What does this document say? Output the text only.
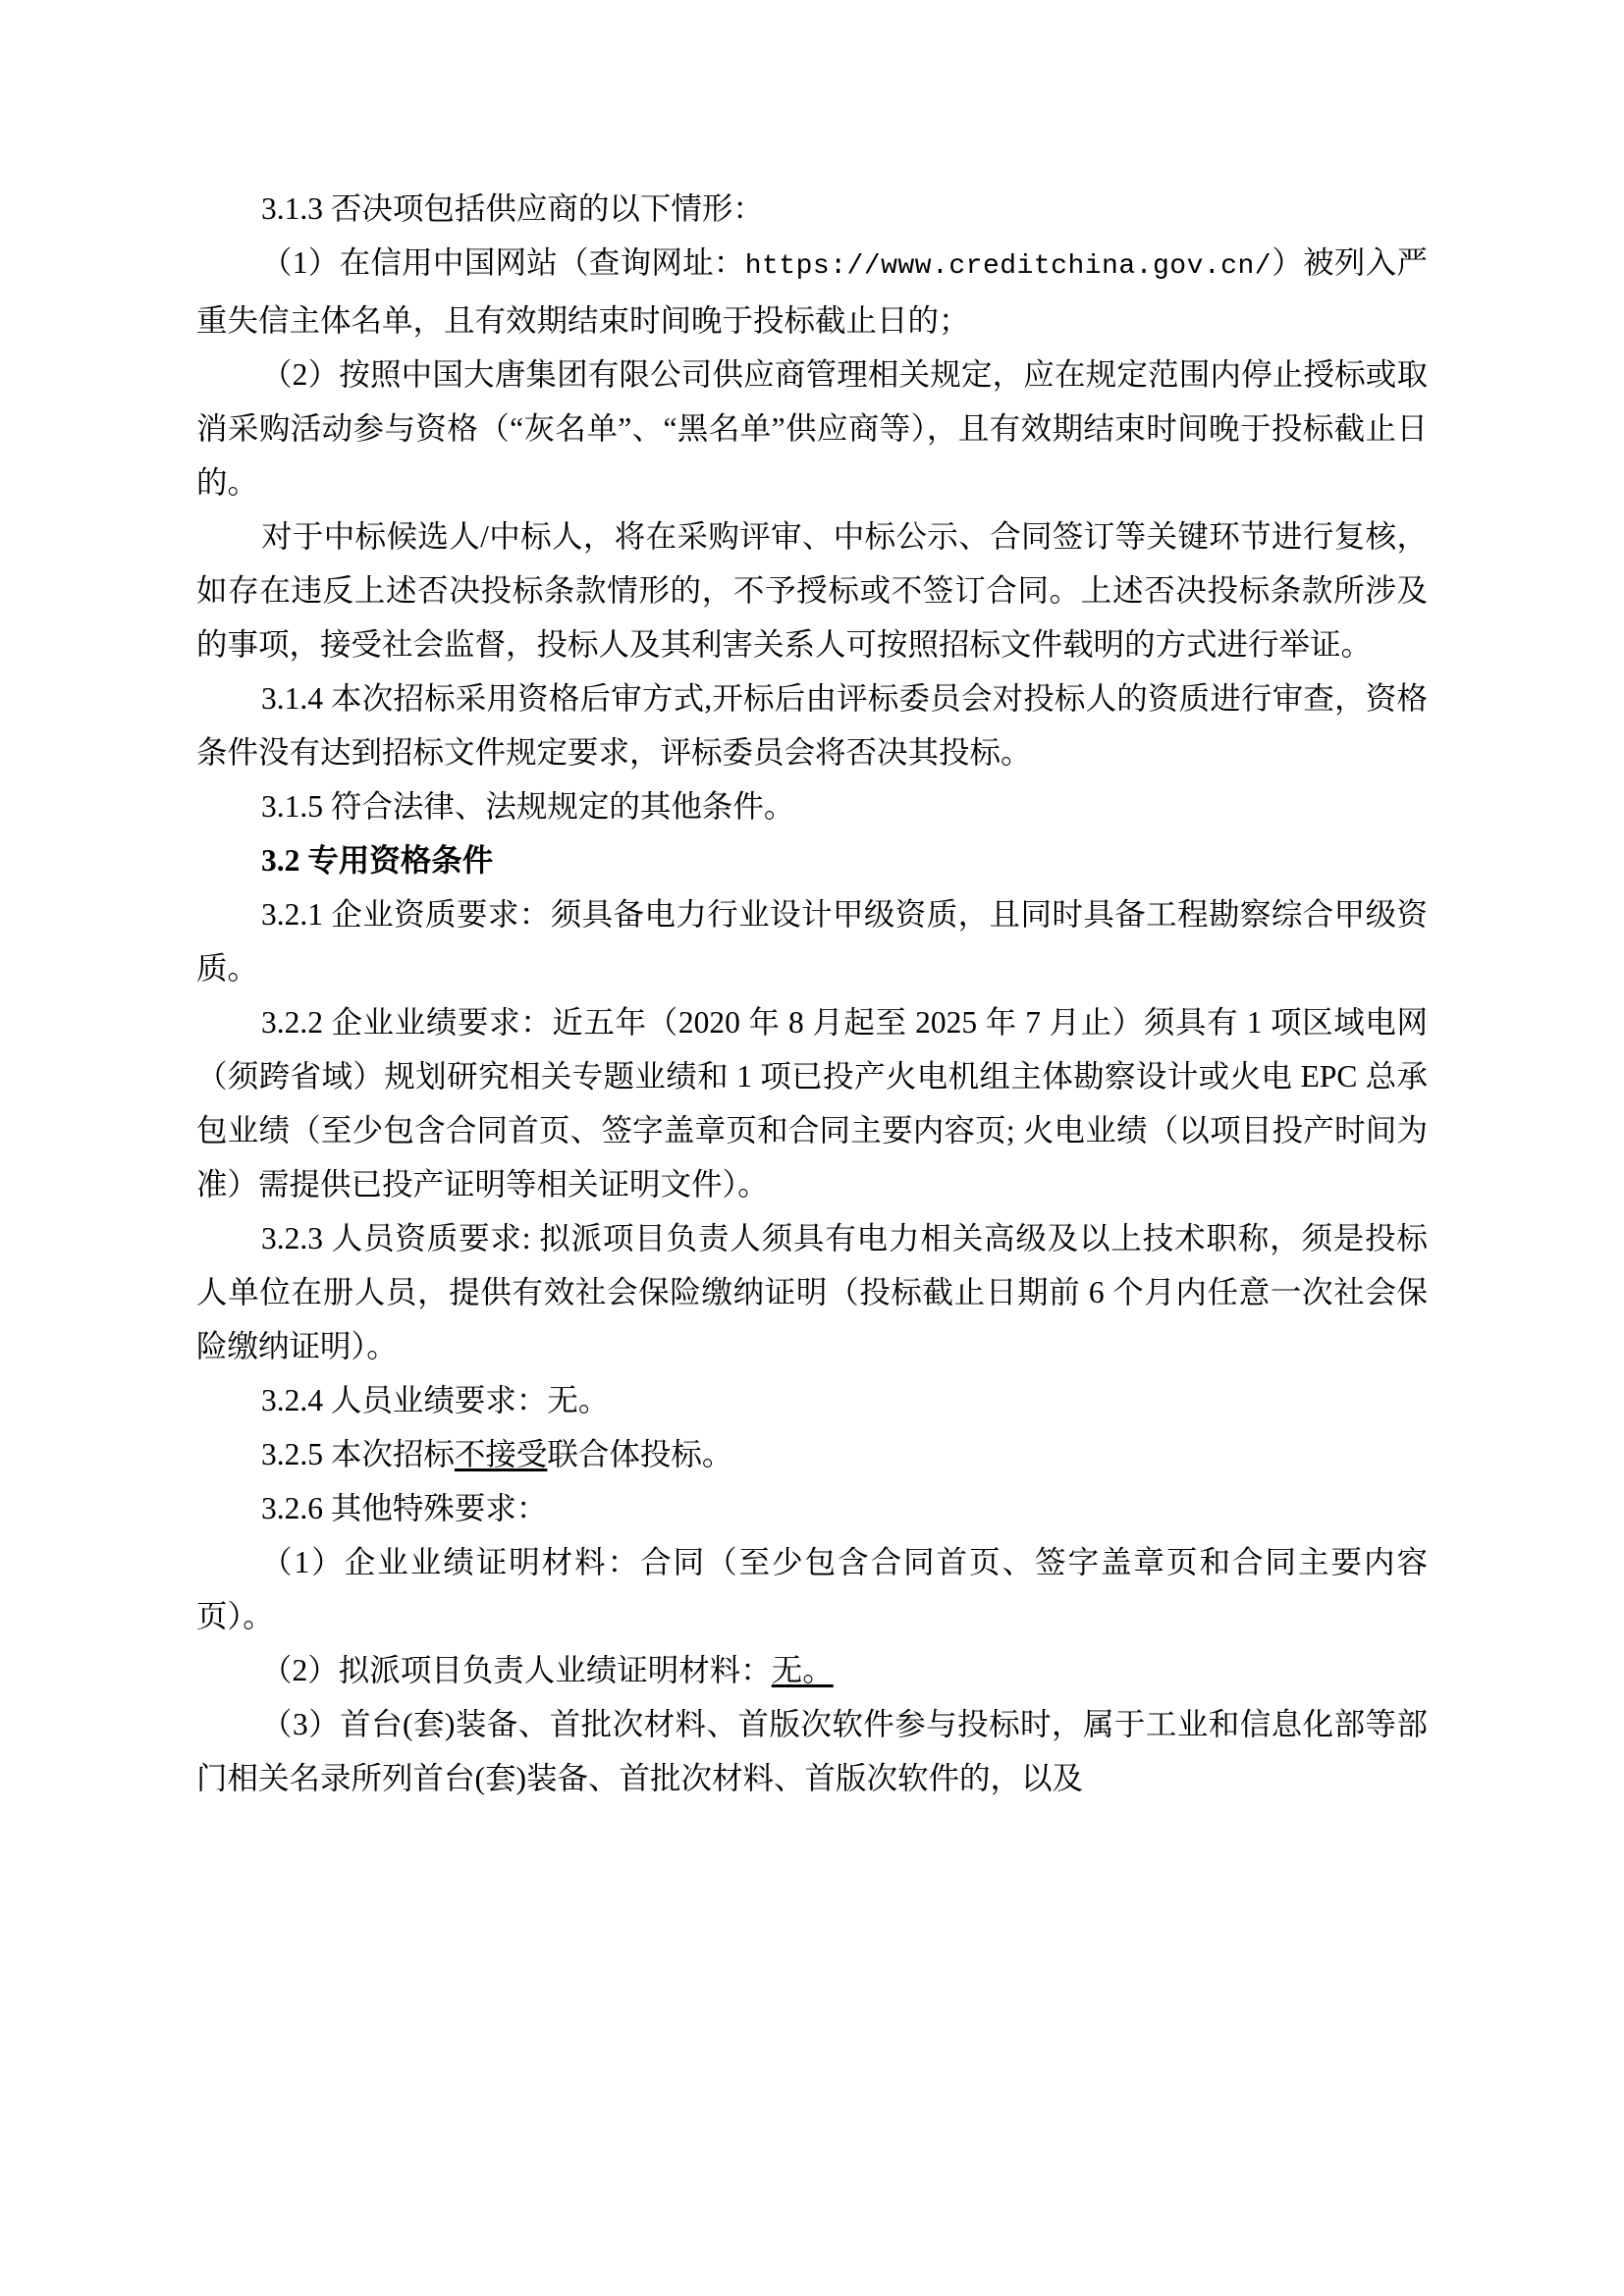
3.1.3 否决项包括供应商的以下情形：

（1）在信用中国网站（查询网址：https://www.creditchina.gov.cn/）被列入严重失信主体名单，且有效期结束时间晚于投标截止日的；

（2）按照中国大唐集团有限公司供应商管理相关规定，应在规定范围内停止授标或取消采购活动参与资格（“灰名单”、“黑名单”供应商等），且有效期结束时间晚于投标截止日的。

对于中标候选人/中标人，将在采购评审、中标公示、合同签订等关键环节进行复核，如存在违反上述否决投标条款情形的，不予授标或不签订合同。上述否决投标条款所涉及的事项，接受社会监督，投标人及其利害关系人可按照招标文件载明的方式进行举证。

3.1.4 本次招标采用资格后审方式,开标后由评标委员会对投标人的资质进行审查，资格条件没有达到招标文件规定要求，评标委员会将否决其投标。

3.1.5 符合法律、法规规定的其他条件。

3.2 专用资格条件

3.2.1 企业资质要求：须具备电力行业设计甲级资质，且同时具备工程勘察综合甲级资质。

3.2.2 企业业绩要求：近五年（2020 年 8 月起至 2025 年 7 月止）须具有 1 项区域电网（须跨省域）规划研究相关专题业绩和 1 项已投产火电机组主体勘察设计或火电 EPC 总承包业绩（至少包含合同首页、签字盖章页和合同主要内容页; 火电业绩（以项目投产时间为准）需提供已投产证明等相关证明文件）。

3.2.3 人员资质要求: 拟派项目负责人须具有电力相关高级及以上技术职称，须是投标人单位在册人员，提供有效社会保险缴纳证明（投标截止日期前 6 个月内任意一次社会保险缴纳证明）。

3.2.4 人员业绩要求：无。

3.2.5 本次招标不接受联合体投标。

3.2.6 其他特殊要求：

（1）企业业绩证明材料：合同（至少包含合同首页、签字盖章页和合同主要内容页）。

（2）拟派项目负责人业绩证明材料：无。

（3）首台(套)装备、首批次材料、首版次软件参与投标时，属于工业和信息化部等部门相关名录所列首台(套)装备、首批次材料、首版次软件的，以及
